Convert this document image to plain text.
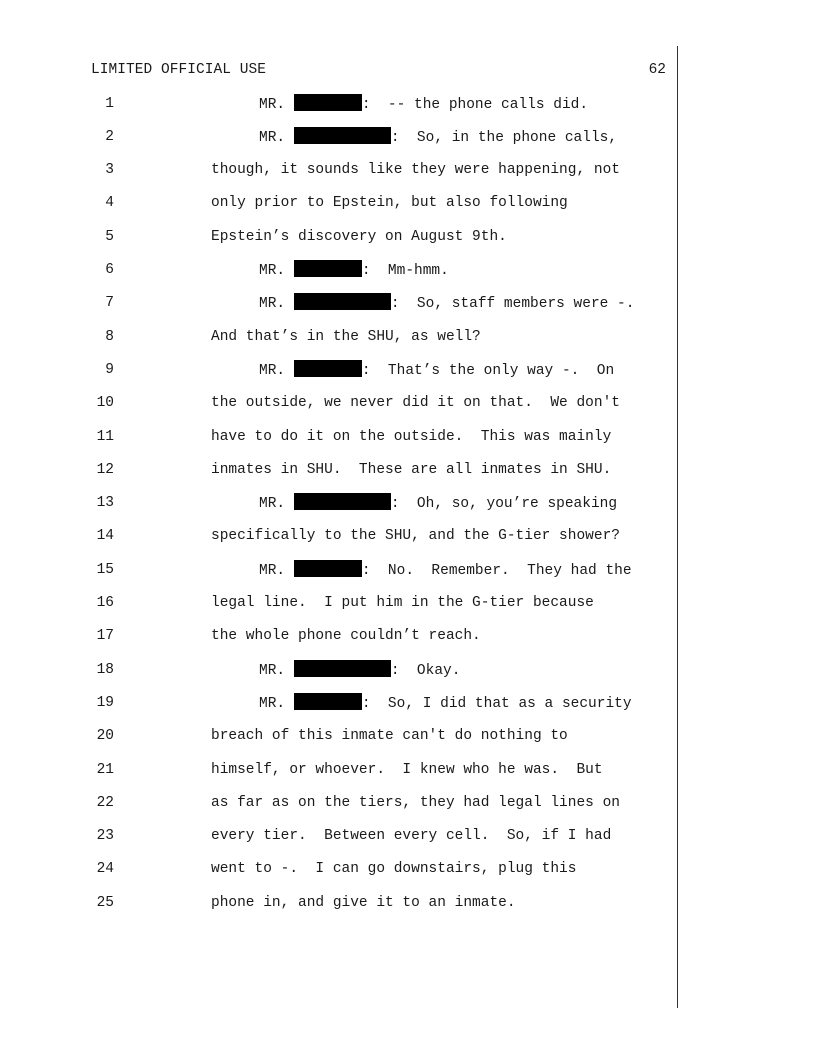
LIMITED OFFICIAL USE	62
1	MR.	:  -- the phone calls did.
2	MR.	:  So, in the phone calls,
3	though, it sounds like they were happening, not
4	only prior to Epstein, but also following
5	Epstein’s discovery on August 9th.
6	MR.	:  Mm-hmm.
7	MR.	:  So, staff members were -.
8	And that’s in the SHU, as well?
9	MR.	:  That’s the only way -.  On
10	the outside, we never did it on that.  We don't
11	have to do it on the outside.  This was mainly
12	inmates in SHU.  These are all inmates in SHU.
13	MR.	:  Oh, so, you’re speaking
14	specifically to the SHU, and the G-tier shower?
15	MR.	:  No.  Remember.  They had the
16	legal line.  I put him in the G-tier because
17	the whole phone couldn’t reach.
18	MR.	:  Okay.
19	MR.	:  So, I did that as a security
20	breach of this inmate can't do nothing to
21	himself, or whoever.  I knew who he was.  But
22	as far as on the tiers, they had legal lines on
23	every tier.  Between every cell.  So, if I had
24	went to -.  I can go downstairs, plug this
25	phone in, and give it to an inmate.
